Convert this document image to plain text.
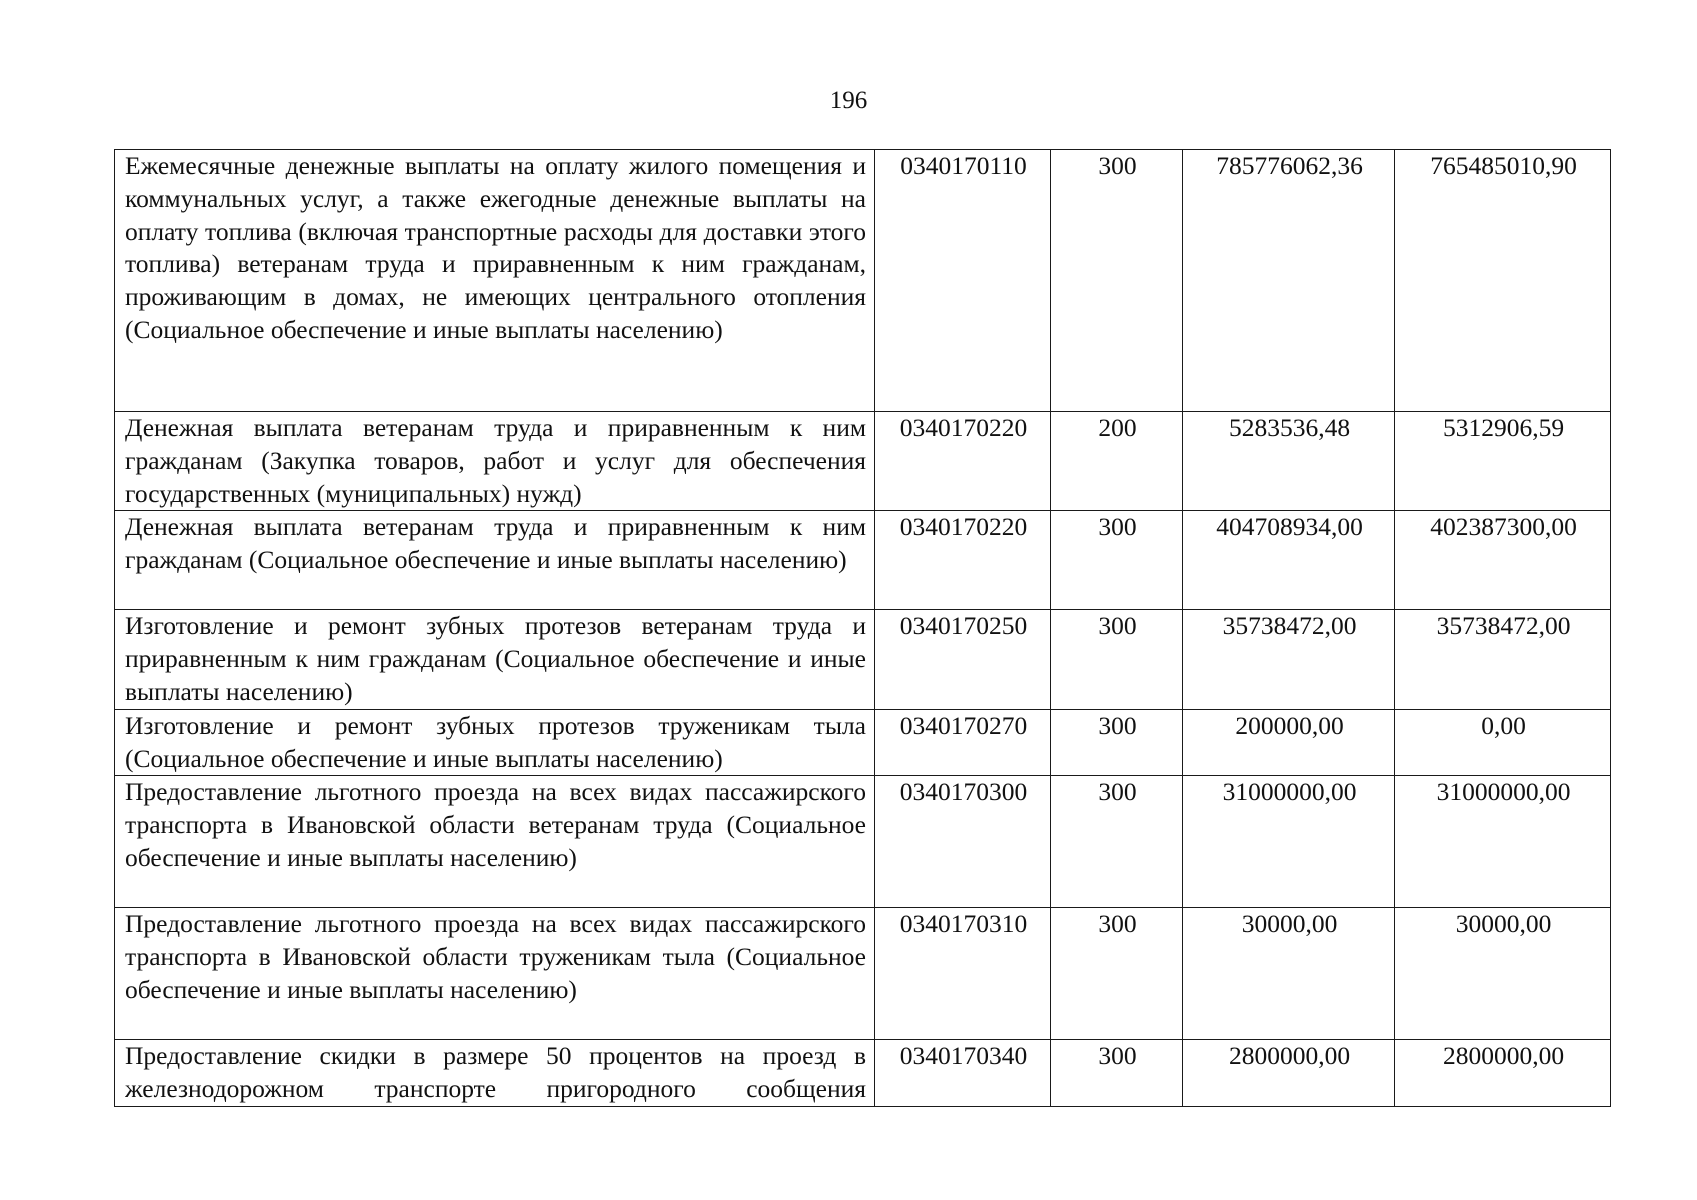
196
Ежемесячные денежные выплаты на оплату жилого помещения и коммунальных услуг, а также ежегодные денежные выплаты на оплату топлива (включая транспортные расходы для доставки этого топлива) ветеранам труда и приравненным к ним гражданам, проживающим в домах, не имеющих центрального отопления (Социальное обеспечение и иные выплаты населению)	0340170110	300	785776062,36	765485010,90
Денежная выплата ветеранам труда и приравненным к ним гражданам (Закупка товаров, работ и услуг для обеспечения государственных (муниципальных) нужд)	0340170220	200	5283536,48	5312906,59
Денежная выплата ветеранам труда и приравненным к ним гражданам (Социальное обеспечение и иные выплаты населению)	0340170220	300	404708934,00	402387300,00
Изготовление и ремонт зубных протезов ветеранам труда и приравненным к ним гражданам (Социальное обеспечение и иные выплаты населению)	0340170250	300	35738472,00	35738472,00
Изготовление и ремонт зубных протезов труженикам тыла (Социальное обеспечение и иные выплаты населению)	0340170270	300	200000,00	0,00
Предоставление льготного проезда на всех видах пассажирского транспорта в Ивановской области ветеранам труда (Социальное обеспечение и иные выплаты населению)	0340170300	300	31000000,00	31000000,00
Предоставление льготного проезда на всех видах пассажирского транспорта в Ивановской области труженикам тыла (Социальное обеспечение и иные выплаты населению)	0340170310	300	30000,00	30000,00

Предоставление скидки в размере 50 процентов на проезд в железнодорожном транспорте пригородного сообщения	0340170340	300	2800000,00	2800000,00
